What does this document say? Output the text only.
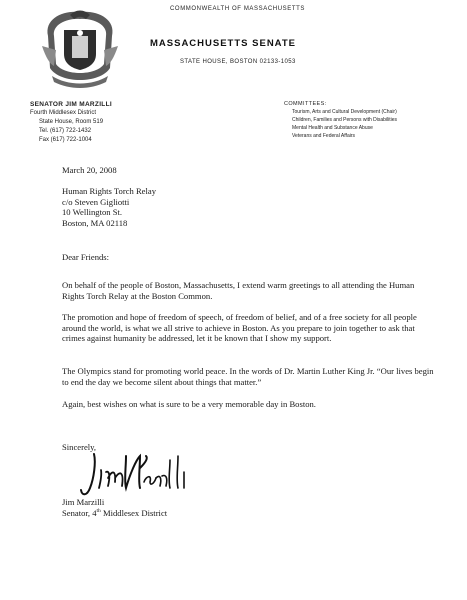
COMMONWEALTH OF MASSACHUSETTS
MASSACHUSETTS SENATE
STATE HOUSE, BOSTON 02133-1053
SENATOR JIM MARZILLI
Fourth Middlesex District
State House, Room 519
Tel. (617) 722-1432
Fax (617) 722-1004
COMMITTEES:
Tourism, Arts and Cultural Development (Chair)
Children, Families and Persons with Disabilities
Mental Health and Substance Abuse
Veterans and Federal Affairs

March 20, 2008

Human Rights Torch Relay
c/o Steven Gigliotti
10 Wellington St.
Boston, MA 02118

Dear Friends:

On behalf of the people of Boston, Massachusetts, I extend warm greetings to all attending the Human Rights Torch Relay at the Boston Common.

The promotion and hope of freedom of speech, of freedom of belief, and of a free society for all people around the world, is what we all strive to achieve in Boston. As you prepare to join together to ask that crimes against humanity be addressed, let it be known that I show my support.

The Olympics stand for promoting world peace. In the words of Dr. Martin Luther King Jr. “Our lives begin to end the day we become silent about things that matter.”

Again, best wishes on what is sure to be a very memorable day in Boston.

Sincerely,

Jim Marzilli
Senator, 4th Middlesex District
